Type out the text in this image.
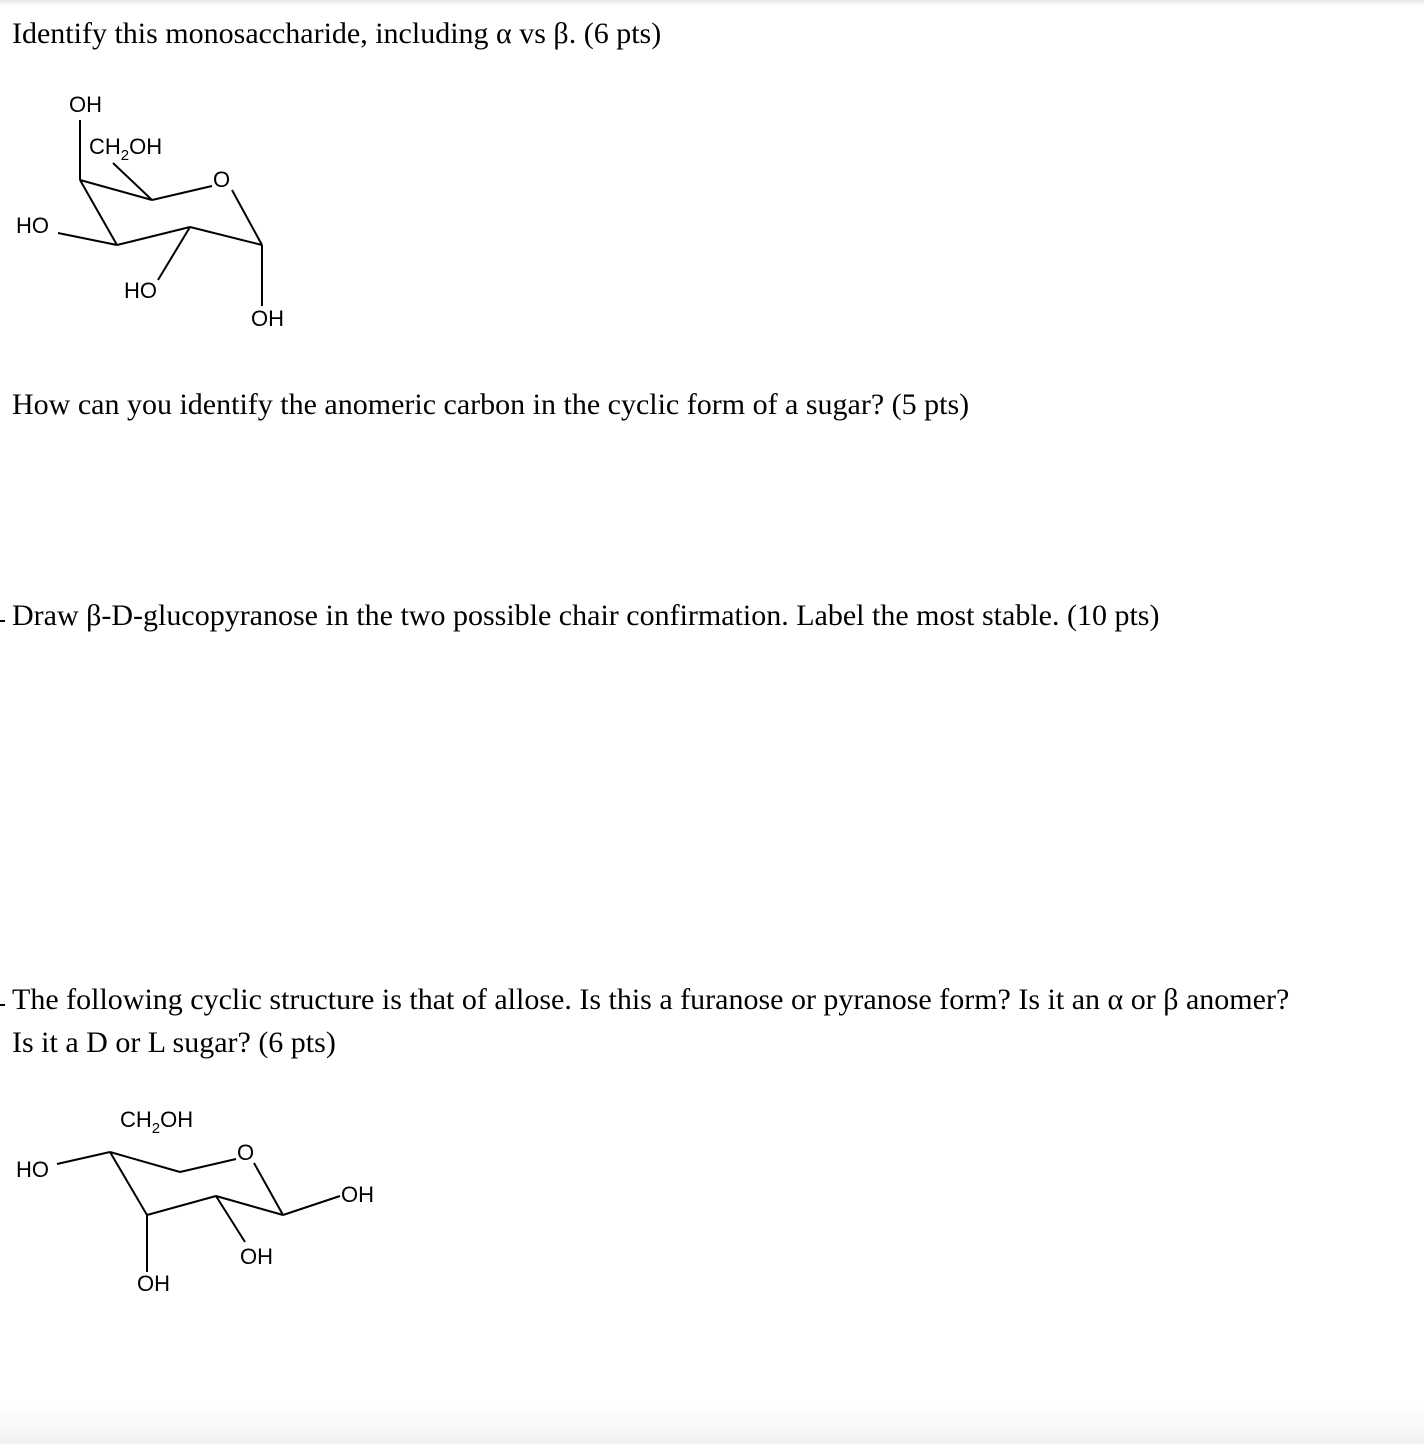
Identify this monosaccharide, including α vs β. (6 pts)

OH
$CH_2OH$
O
HO
HO
OH

How can you identify the anomeric carbon in the cyclic form of a sugar? (5 pts)

Draw β-D-glucopyranose in the two possible chair confirmation. Label the most stable. (10 pts)

The following cyclic structure is that of allose. Is this a furanose or pyranose form? Is it an α or β anomer?
Is it a D or L sugar? (6 pts)

$CH_2OH$
O
HO
OH
OH
OH
